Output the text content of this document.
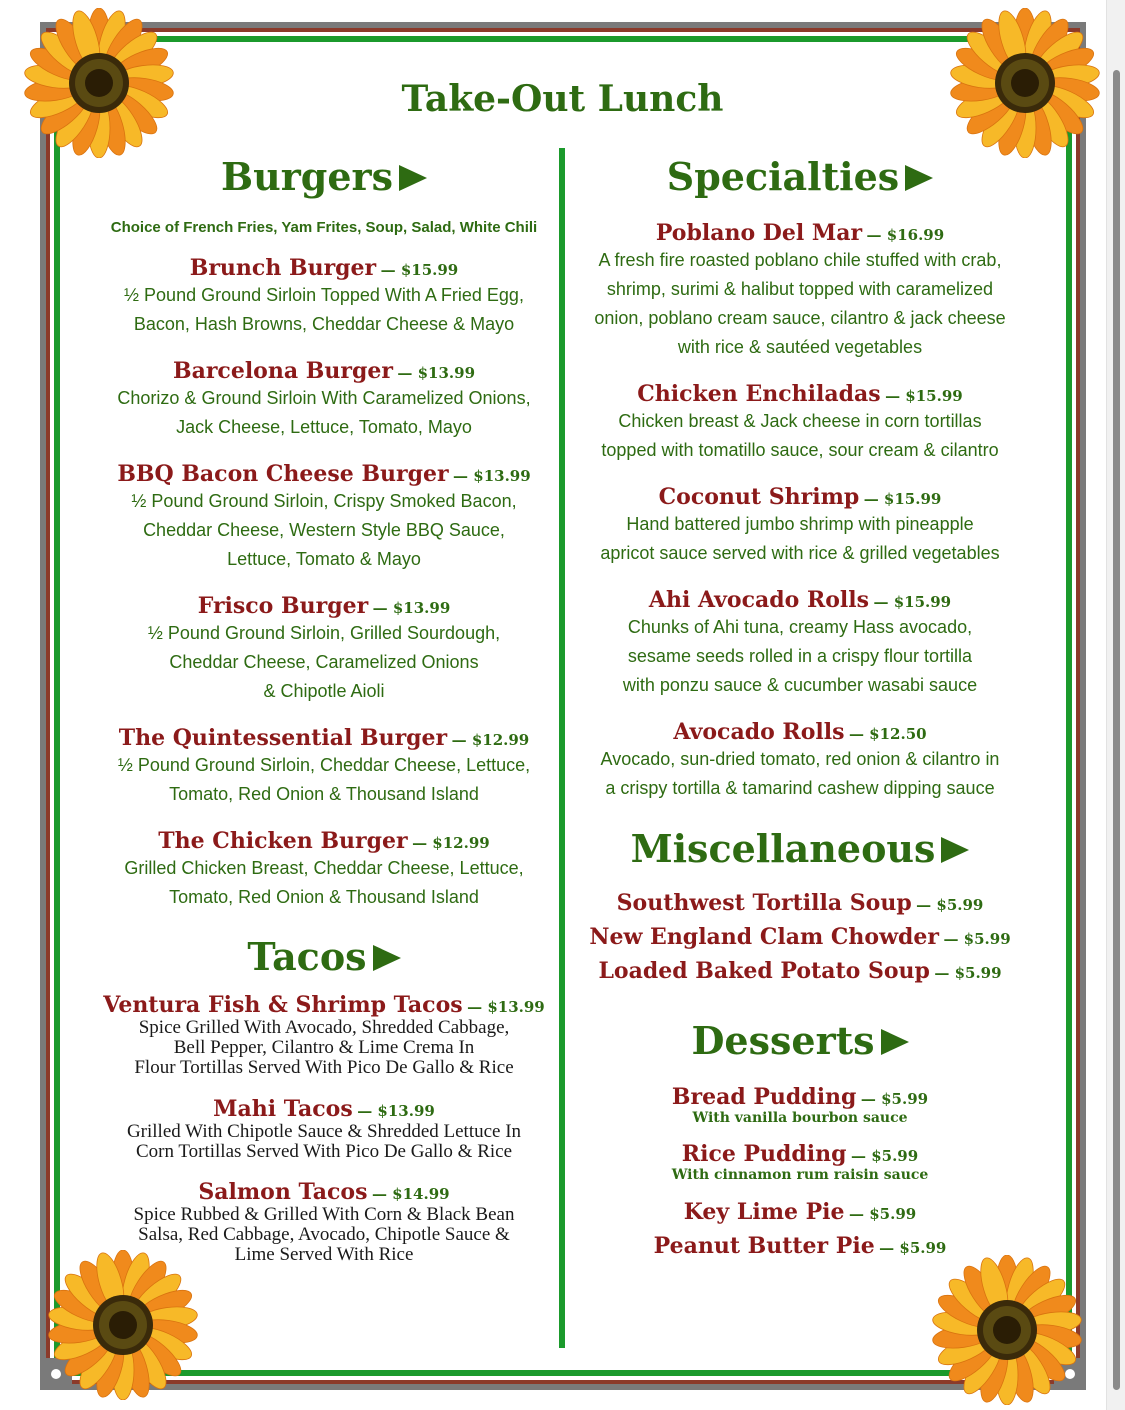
Take-Out Lunch
Burgers
Choice of French Fries, Yam Frites, Soup, Salad, White Chili
Brunch Burger — $15.99
½ Pound Ground Sirloin Topped With A Fried Egg,
Bacon, Hash Browns, Cheddar Cheese & Mayo
Barcelona Burger — $13.99
Chorizo & Ground Sirloin With Caramelized Onions,
Jack Cheese, Lettuce, Tomato, Mayo
BBQ Bacon Cheese Burger — $13.99
½ Pound Ground Sirloin, Crispy Smoked Bacon,
Cheddar Cheese, Western Style BBQ Sauce,
Lettuce, Tomato & Mayo
Frisco Burger — $13.99
½ Pound Ground Sirloin, Grilled Sourdough,
Cheddar Cheese, Caramelized Onions
& Chipotle Aioli
The Quintessential Burger — $12.99
½ Pound Ground Sirloin, Cheddar Cheese, Lettuce,
Tomato, Red Onion & Thousand Island
The Chicken Burger — $12.99
Grilled Chicken Breast, Cheddar Cheese, Lettuce,
Tomato, Red Onion & Thousand Island
Tacos
Ventura Fish & Shrimp Tacos — $13.99
Spice Grilled With Avocado, Shredded Cabbage,
Bell Pepper, Cilantro & Lime Crema In
Flour Tortillas Served With Pico De Gallo & Rice
Mahi Tacos — $13.99
Grilled With Chipotle Sauce & Shredded Lettuce In
Corn Tortillas Served With Pico De Gallo & Rice
Salmon Tacos — $14.99
Spice Rubbed & Grilled With Corn & Black Bean
Salsa, Red Cabbage, Avocado, Chipotle Sauce &
Lime Served With Rice
Specialties
Poblano Del Mar — $16.99
A fresh fire roasted poblano chile stuffed with crab,
shrimp, surimi & halibut topped with caramelized
onion, poblano cream sauce, cilantro & jack cheese
with rice & sautéed vegetables
Chicken Enchiladas — $15.99
Chicken breast & Jack cheese in corn tortillas
topped with tomatillo sauce, sour cream & cilantro
Coconut Shrimp — $15.99
Hand battered jumbo shrimp with pineapple
apricot sauce served with rice & grilled vegetables
Ahi Avocado Rolls — $15.99
Chunks of Ahi tuna, creamy Hass avocado,
sesame seeds rolled in a crispy flour tortilla
with ponzu sauce & cucumber wasabi sauce
Avocado Rolls — $12.50
Avocado, sun-dried tomato, red onion & cilantro in
a crispy tortilla & tamarind cashew dipping sauce
Miscellaneous
Southwest Tortilla Soup — $5.99
New England Clam Chowder — $5.99
Loaded Baked Potato Soup — $5.99
Desserts
Bread Pudding — $5.99
With vanilla bourbon sauce
Rice Pudding — $5.99
With cinnamon rum raisin sauce
Key Lime Pie — $5.99
Peanut Butter Pie — $5.99
